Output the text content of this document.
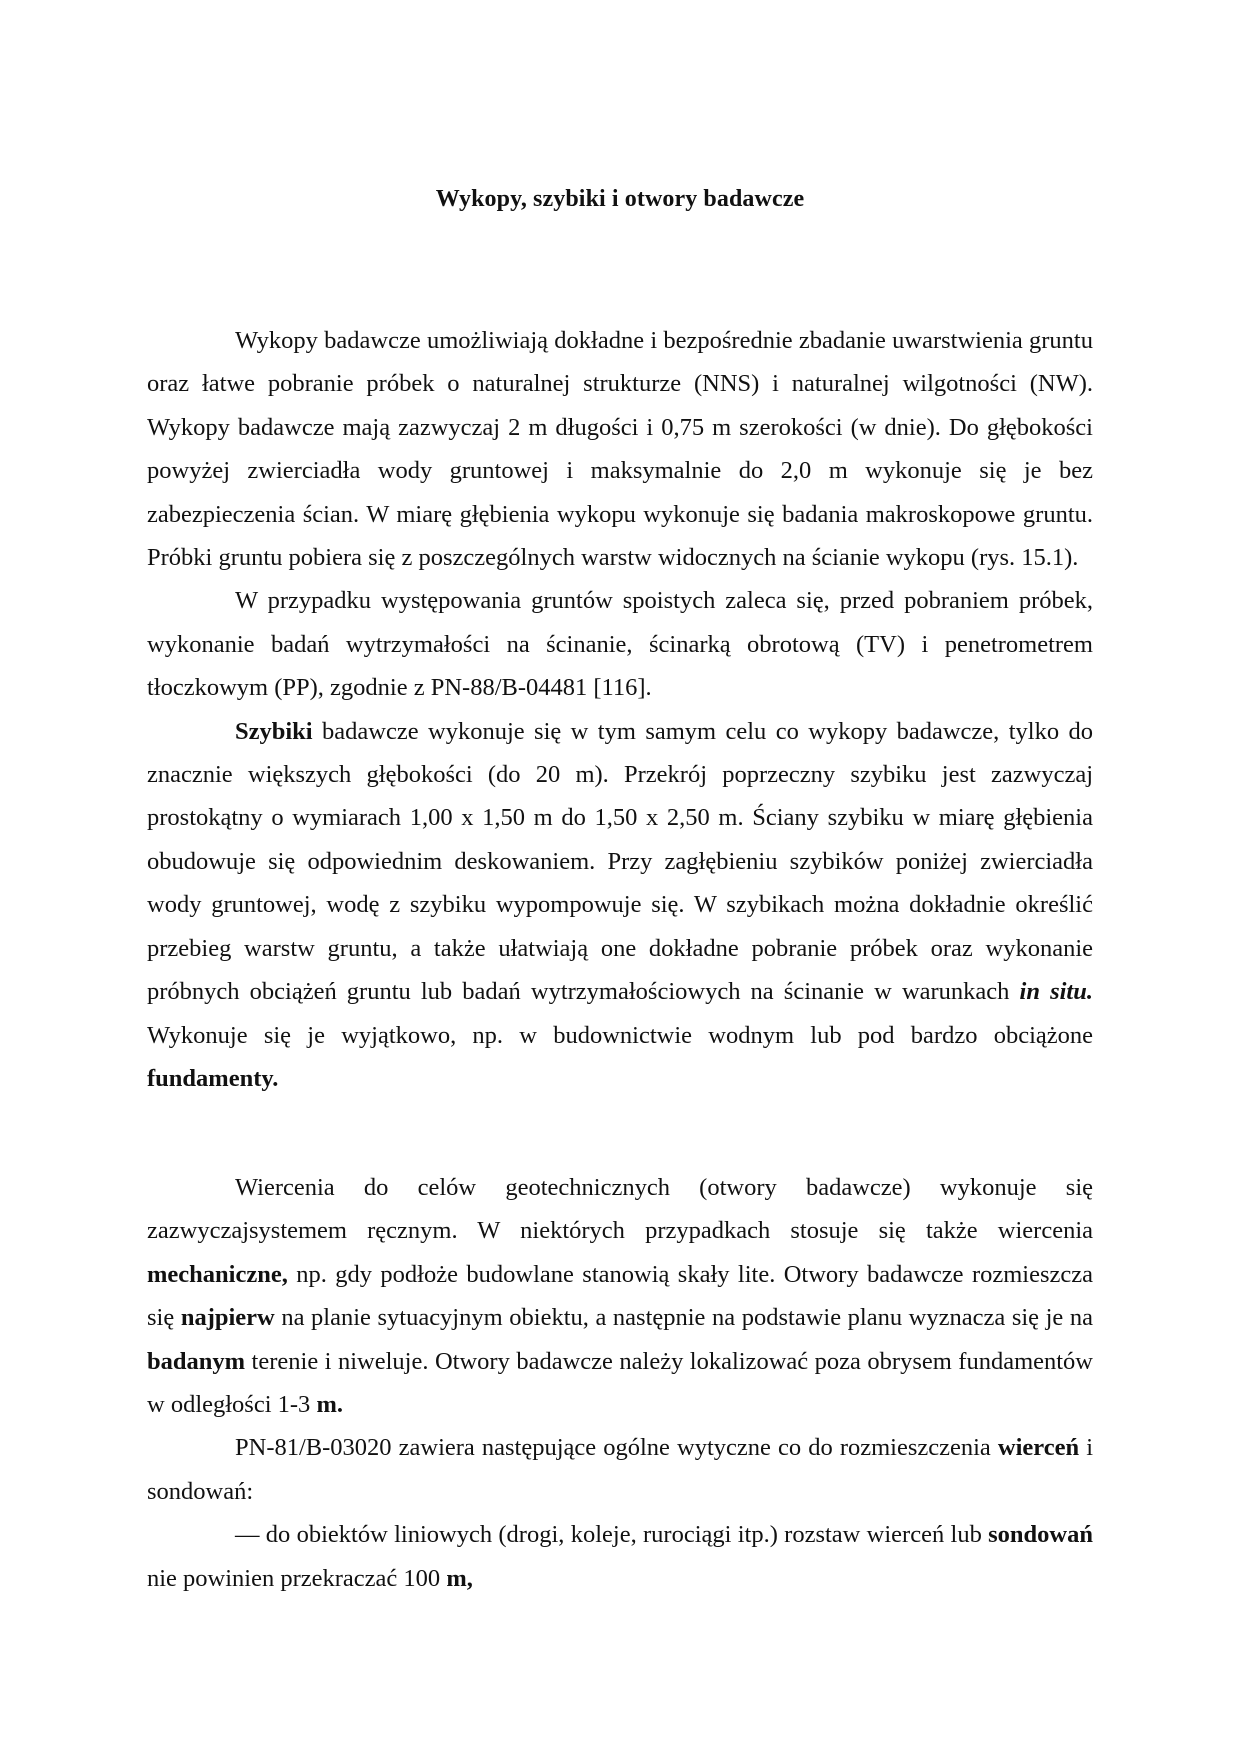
Wykopy, szybiki i otwory badawcze

Wykopy badawcze umożliwiają dokładne i bezpośrednie zbadanie uwarstwienia gruntu oraz łatwe pobranie próbek o naturalnej strukturze (NNS) i naturalnej wilgotności (NW). Wykopy badawcze mają zazwyczaj 2 m długości i 0,75 m szerokości (w dnie). Do głębokości powyżej zwierciadła wody gruntowej i maksymalnie do 2,0 m wykonuje się je bez zabezpieczenia ścian. W miarę głębienia wykopu wykonuje się badania makroskopowe gruntu. Próbki gruntu pobiera się z poszczególnych warstw widocznych na ścianie wykopu (rys. 15.1).

W przypadku występowania gruntów spoistych zaleca się, przed pobraniem próbek, wykonanie badań wytrzymałości na ścinanie, ścinarką obrotową (TV) i penetrometrem tłoczkowym (PP), zgodnie z PN-88/B-04481 [116].

Szybiki badawcze wykonuje się w tym samym celu co wykopy badawcze, tylko do znacznie większych głębokości (do 20 m). Przekrój poprzeczny szybiku jest zazwyczaj prostokątny o wymiarach 1,00 x 1,50 m do 1,50 x 2,50 m. Ściany szybiku w miarę głębienia obudowuje się odpowiednim deskowaniem. Przy zagłębieniu szybików poniżej zwierciadła wody gruntowej, wodę z szybiku wypompowuje się. W szybikach można dokładnie określić przebieg warstw gruntu, a także ułatwiają one dokładne pobranie próbek oraz wykonanie próbnych obciążeń gruntu lub badań wytrzymałościowych na ścinanie w warunkach in situ. Wykonuje się je wyjątkowo, np. w budownictwie wodnym lub pod bardzo obciążone fundamenty.

Wiercenia do celów geotechnicznych (otwory badawcze) wykonuje się zazwyczajsystemem ręcznym. W niektórych przypadkach stosuje się także wiercenia mechaniczne, np. gdy podłoże budowlane stanowią skały lite. Otwory badawcze rozmieszcza się najpierw na planie sytuacyjnym obiektu, a następnie na podstawie planu wyznacza się je na badanym terenie i niweluje. Otwory badawcze należy lokalizować poza obrysem fundamentów w odległości 1-3 m.

PN-81/B-03020 zawiera następujące ogólne wytyczne co do rozmieszczenia wierceń i sondowań:

— do obiektów liniowych (drogi, koleje, rurociągi itp.) rozstaw wierceń lub sondowań nie powinien przekraczać 100 m,
